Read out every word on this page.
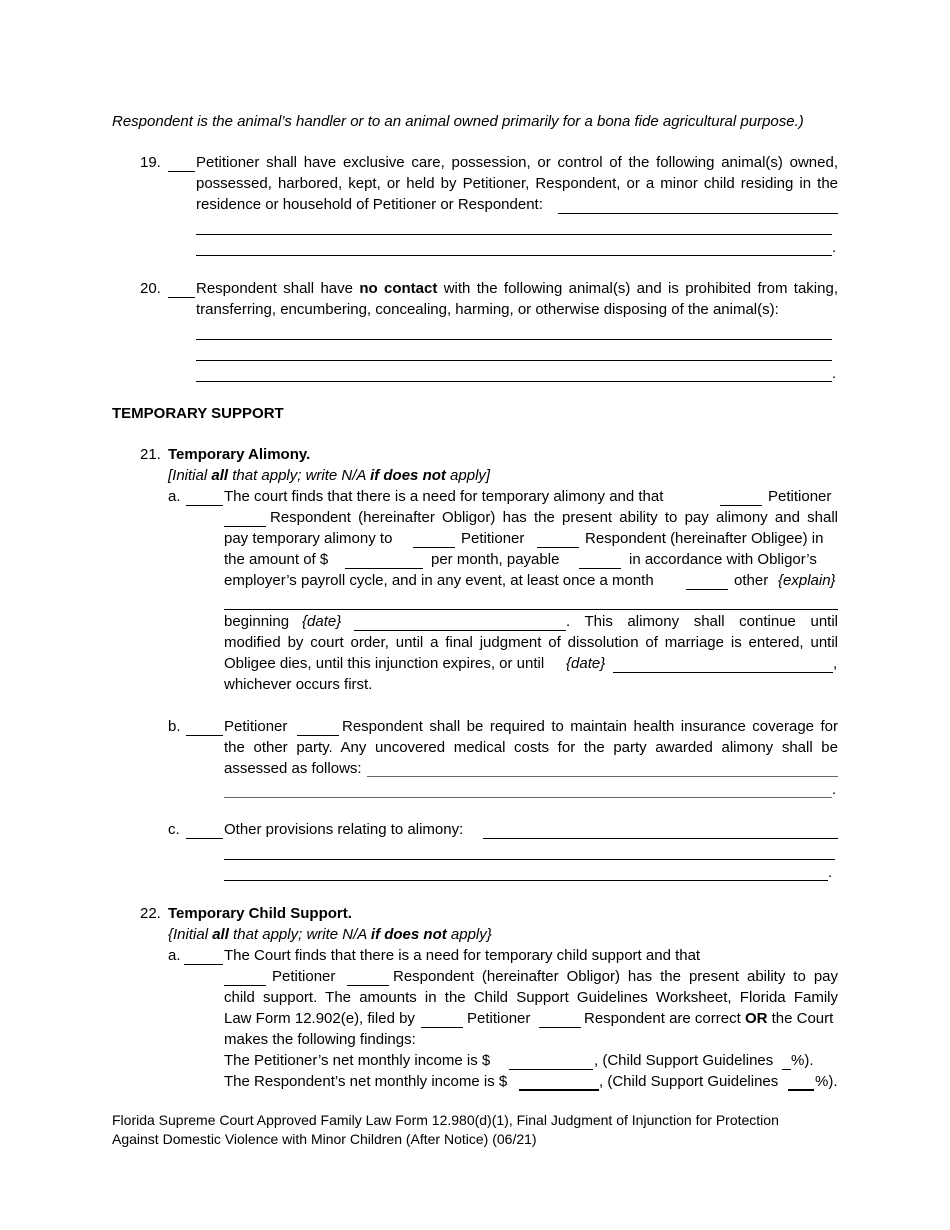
Respondent is the animal’s handler or to an animal owned primarily for a bona fide agricultural purpose.)
19. Petitioner shall have exclusive care, possession, or control of the following animal(s) owned,
possessed, harbored, kept, or held by Petitioner, Respondent, or a minor child residing in the
residence or household of Petitioner or Respondent:
.
20. Respondent shall have no contact with the following animal(s) and is prohibited from taking,
transferring, encumbering, concealing, harming, or otherwise disposing of the animal(s):
.
TEMPORARY SUPPORT
21. Temporary Alimony.
[Initial all that apply; write N/A if does not apply]
a.	The court finds that there is a need for temporary alimony and that	Petitioner
Respondent (hereinafter Obligor) has the present ability to pay alimony and shall
pay temporary alimony to	Petitioner	Respondent (hereinafter Obligee) in
the amount of $	per month, payable	in accordance with Obligor’s
employer’s payroll cycle, and in any event, at least once a month	other {explain}
beginning {date}	. This alimony shall continue until
modified by court order, until a final judgment of dissolution of marriage is entered, until
Obligee dies, until this injunction expires, or until {date}	,
whichever occurs first.
b.	Petitioner	Respondent shall be required to maintain health insurance coverage for
the other party. Any uncovered medical costs for the party awarded alimony shall be
assessed as follows:
.
c.	Other provisions relating to alimony:
.
22. Temporary Child Support.
{Initial all that apply; write N/A if does not apply}
a.	The Court finds that there is a need for temporary child support and that
Petitioner	Respondent (hereinafter Obligor) has the present ability to pay
child support. The amounts in the Child Support Guidelines Worksheet, Florida Family
Law Form 12.902(e), filed by	Petitioner	Respondent are correct OR the Court
makes the following findings:
The Petitioner’s net monthly income is $	, (Child Support Guidelines %).
The Respondent’s net monthly income is $	, (Child Support Guidelines %).
Florida Supreme Court Approved Family Law Form 12.980(d)(1), Final Judgment of Injunction for Protection
Against Domestic Violence with Minor Children (After Notice) (06/21)
